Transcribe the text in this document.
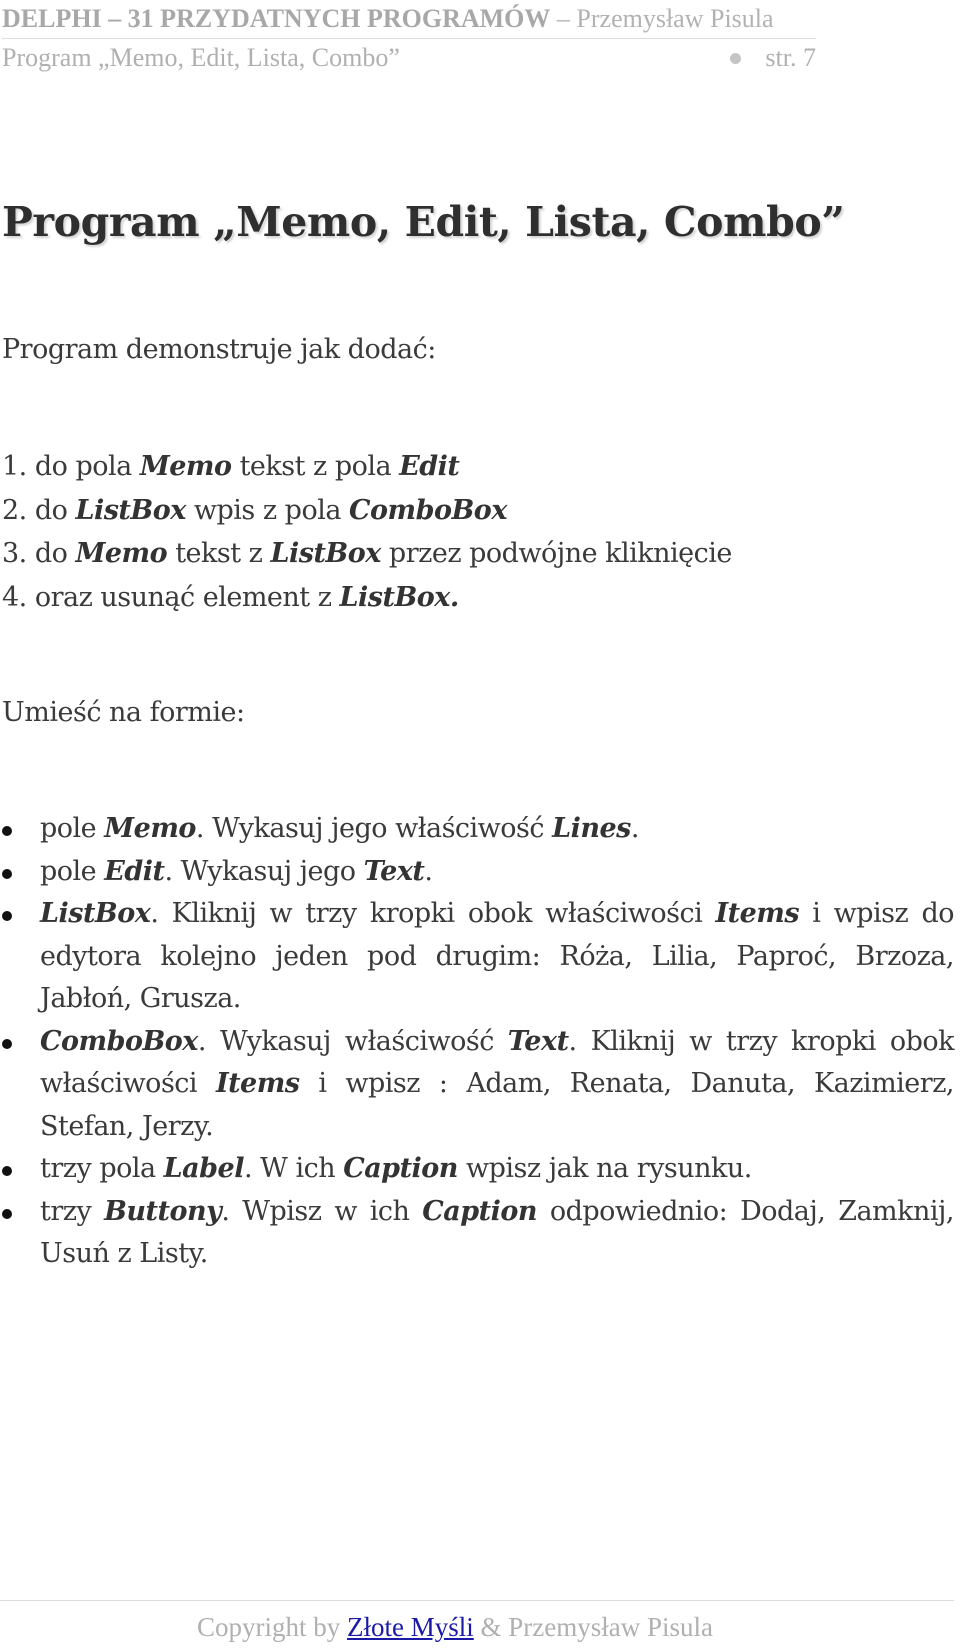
DELPHI – 31 PRZYDATNYCH PROGRAMÓW – Przemysław Pisula
Program „Memo, Edit, Lista, Combo”	str. 7
Program „Memo, Edit, Lista, Combo”

Program demonstruje jak dodać:

1. do pola Memo tekst z pola Edit
2. do ListBox wpis z pola ComboBox
3. do Memo tekst z ListBox przez podwójne kliknięcie
4. oraz usunąć element z ListBox.

Umieść na formie:

pole Memo. Wykasuj jego właściwość Lines.
pole Edit. Wykasuj jego Text.
ListBox. Kliknij w trzy kropki obok właściwości Items i wpisz do edytora kolejno jeden pod drugim: Róża, Lilia, Paproć, Brzoza, Jabłoń, Grusza.
ComboBox. Wykasuj właściwość Text. Kliknij w trzy kropki obok właściwości Items i wpisz : Adam, Renata, Danuta, Kazimierz, Stefan, Jerzy.
trzy pola Label. W ich Caption wpisz jak na rysunku.
trzy Buttony. Wpisz w ich Caption odpowiednio: Dodaj, Zamknij, Usuń z Listy.
Copyright by Złote Myśli & Przemysław Pisula
